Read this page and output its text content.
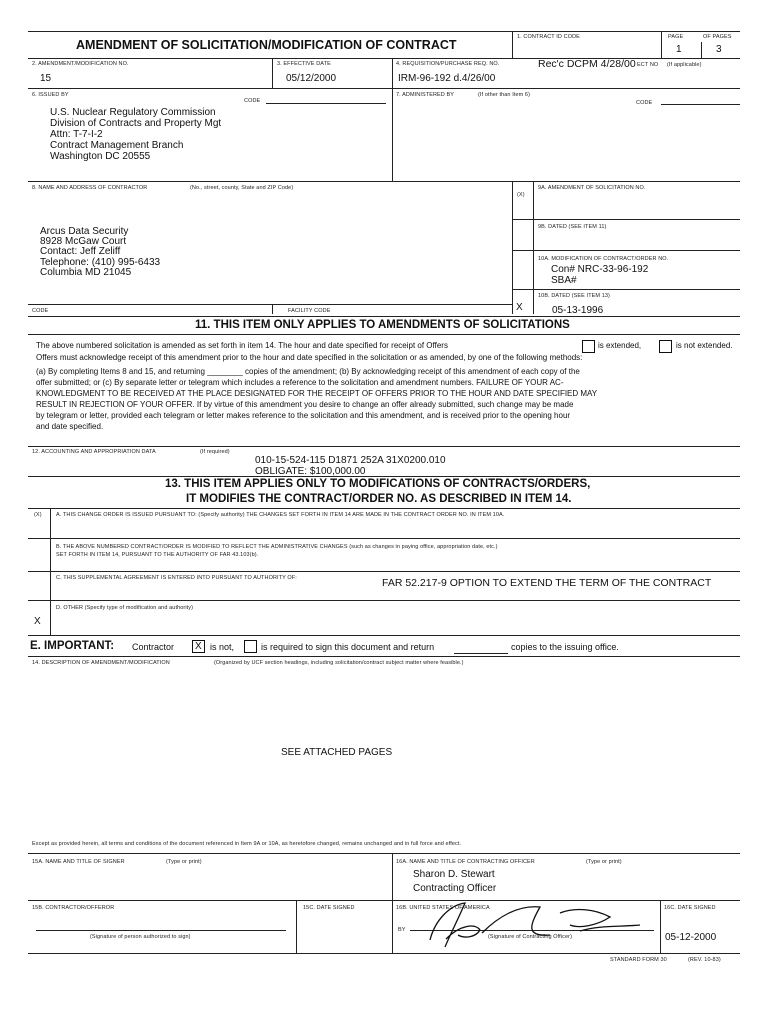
AMENDMENT OF SOLICITATION/MODIFICATION OF CONTRACT
1. CONTRACT ID CODE	PAGE	OF PAGES
1	3
2. AMENDMENT/MODIFICATION NO.
15
3. EFFECTIVE DATE
05/12/2000
4. REQUISITION/PURCHASE REQ. NO.	Rec'c DCPM 4/28/00 ECT NO (If applicable)
IRM-96-192 d.4/26/00
6. ISSUED BY
CODE
7. ADMINISTERED BY	(If other than Item 6)
CODE
U.S. Nuclear Regulatory Commission
Division of Contracts and Property Mgt
Attn: T-7-I-2
Contract Management Branch
Washington DC 20555
8. NAME AND ADDRESS OF CONTRACTOR	(No., street, county, State and ZIP Code)
Arcus Data Security
8928 McGaw Court
Contact: Jeff Zeliff
Telephone: (410) 995-6433
Columbia MD 21045
(X)
9A. AMENDMENT OF SOLICITATION NO.
9B. DATED (SEE ITEM 11)
10A. MODIFICATION OF CONTRACT/ORDER NO.
Con# NRC-33-96-192
SBA#
10B. DATED (SEE ITEM 13)
X	05-13-1996
CODE	FACILITY CODE
11. THIS ITEM ONLY APPLIES TO AMENDMENTS OF SOLICITATIONS
The above numbered solicitation is amended as set forth in item 14. The hour and date specified for receipt of Offers	is extended,	is not extended.
Offers must acknowledge receipt of this amendment prior to the hour and date specified in the solicitation or as amended, by one of the following methods:
(a) By completing Items 8 and 15, and returning ________ copies of the amendment; (b) By acknowledging receipt of this amendment of each copy of the
offer submitted; or (c) By separate letter or telegram which includes a reference to the solicitation and amendment numbers. FAILURE OF YOUR AC-
KNOWLEDGMENT TO BE RECEIVED AT THE PLACE DESIGNATED FOR THE RECEIPT OF OFFERS PRIOR TO THE HOUR AND DATE SPECIFIED MAY
RESULT IN REJECTION OF YOUR OFFER. If by virtue of this amendment you desire to change an offer already submitted, such change may be made
by telegram or letter, provided each telegram or letter makes reference to the solicitation and this amendment, and is received prior to the opening hour
and date specified.
12. ACCOUNTING AND APPROPRIATION DATA	(If required)
010-15-524-115 D1871 252A 31X0200.010
OBLIGATE: $100,000.00
13. THIS ITEM APPLIES ONLY TO MODIFICATIONS OF CONTRACTS/ORDERS,
IT MODIFIES THE CONTRACT/ORDER NO. AS DESCRIBED IN ITEM 14.
(X)	A. THIS CHANGE ORDER IS ISSUED PURSUANT TO: (Specify authority) THE CHANGES SET FORTH IN ITEM 14 ARE MADE IN THE CONTRACT ORDER NO. IN ITEM 10A.
B. THE ABOVE NUMBERED CONTRACT/ORDER IS MODIFIED TO REFLECT THE ADMINISTRATIVE CHANGES (such as changes in paying office, appropriation date, etc.)
SET FORTH IN ITEM 14, PURSUANT TO THE AUTHORITY OF FAR 43.103(b).
C. THIS SUPPLEMENTAL AGREEMENT IS ENTERED INTO PURSUANT TO AUTHORITY OF:	FAR 52.217-9 OPTION TO EXTEND THE TERM OF THE CONTRACT
D. OTHER (Specify type of modification and authority)
X
E. IMPORTANT: Contractor X is not,	is required to sign this document and return	copies to the issuing office.
14. DESCRIPTION OF AMENDMENT/MODIFICATION	(Organized by UCF section headings, including solicitation/contract subject matter where feasible.)
SEE ATTACHED PAGES
Except as provided herein, all terms and conditions of the document referenced in Item 9A or 10A, as heretofore changed, remains unchanged and in full force and effect.
15A. NAME AND TITLE OF SIGNER	(Type or print)	16A. NAME AND TITLE OF CONTRACTING OFFICER	(Type or print)
Sharon D. Stewart
Contracting Officer
15B. CONTRACTOR/OFFEROR	15C. DATE SIGNED	16B. UNITED STATES OF AMERICA	16C. DATE SIGNED
BY
(Signature of person authorized to sign)	(Signature of Contracting Officer)	05-12-2000
STANDARD FORM 30	(REV. 10-83)
